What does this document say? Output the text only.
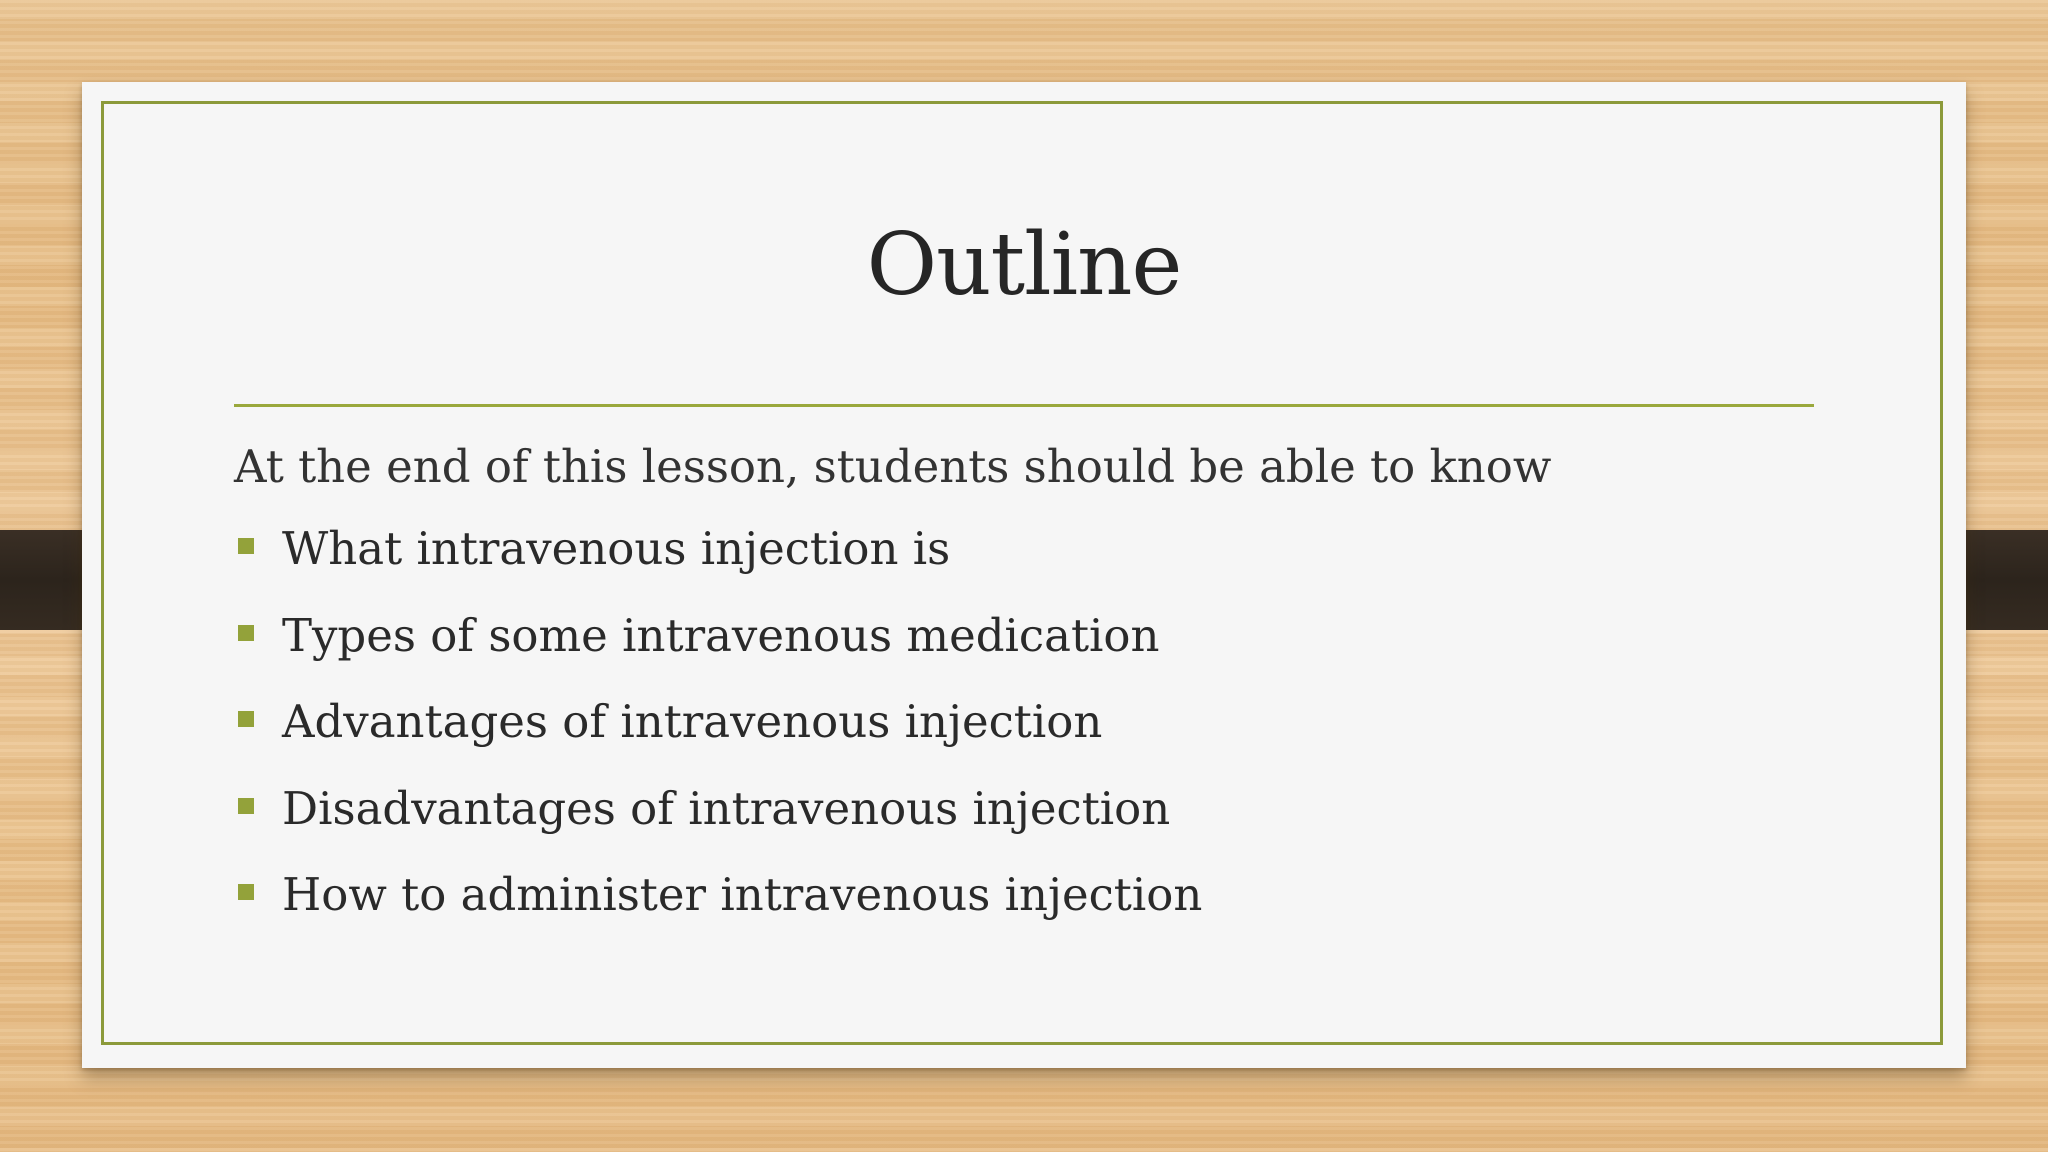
Outline
At the end of this lesson, students should be able to know
What intravenous injection is
Types of some intravenous medication
Advantages of intravenous injection
Disadvantages of intravenous injection
How to administer intravenous injection
